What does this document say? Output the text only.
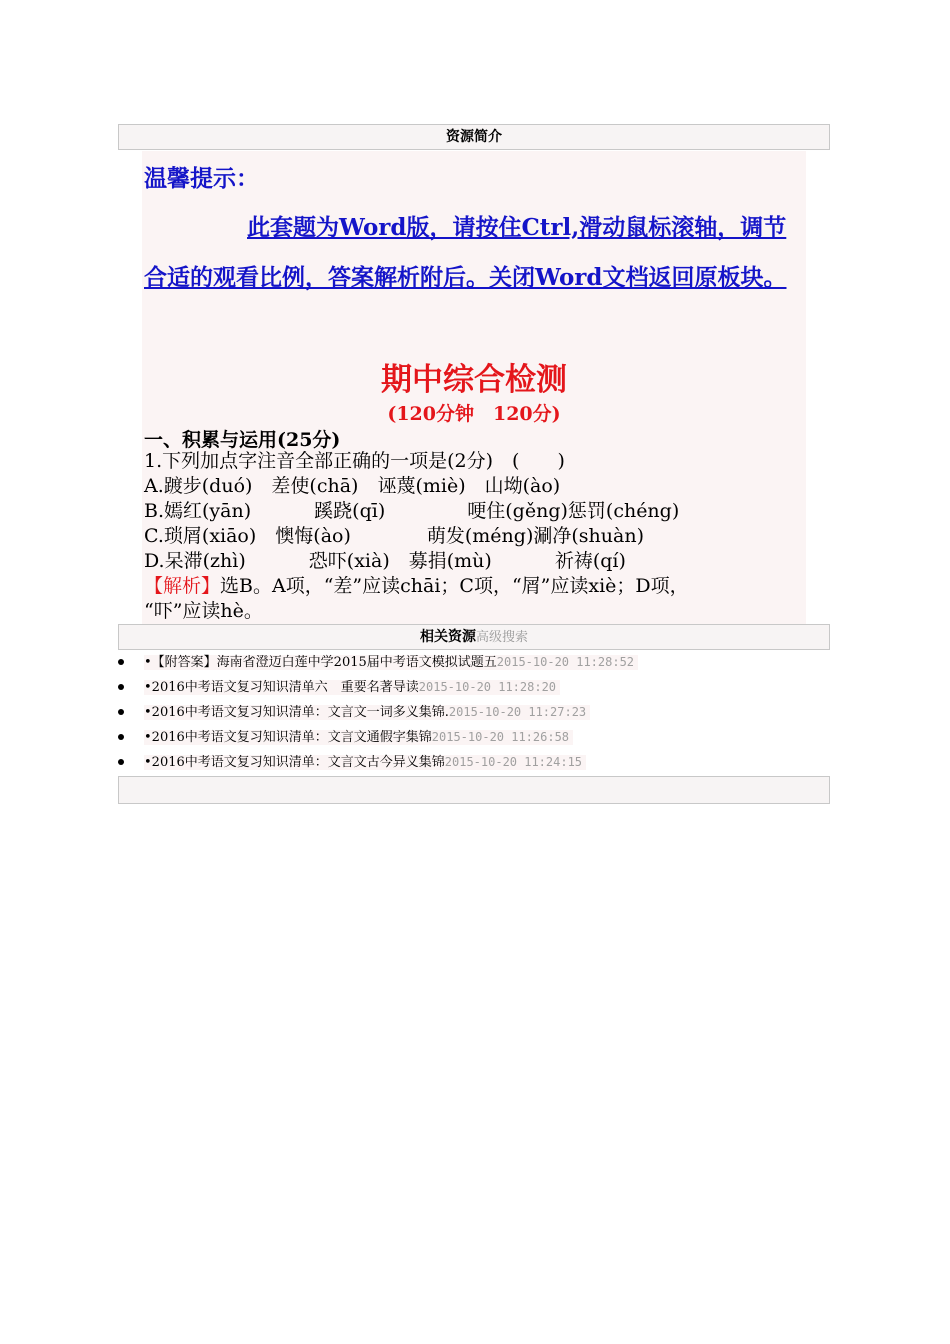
资源简介
温馨提示：
此套题为Word版，请按住Ctrl,滑动鼠标滚轴，调节合适的观看比例，答案解析附后。关闭Word文档返回原板块。
期中综合检测
(120分钟　120分)
一、积累与运用(25分)
1.下列加点字注音全部正确的一项是(2分)　(　　)
A.踱步(duó)　差使(chā)　诬蔑(miè)　山坳(ào)
B.嫣红(yān)　　　 蹊跷(qī)　　　　 哽住(gěng)惩罚(chéng)
C.琐屑(xiāo)　懊悔(ào)　　　　萌发(méng)涮净(shuàn)
D.呆滞(zhì)　　　 恐吓(xià)　募捐(mù)　　　 祈祷(qí)
【解析】选B。A项，“差”应读chāi；C项，“屑”应读xiè；D项，
“吓”应读hè。
相关资源高级搜索
•【附答案】海南省澄迈白莲中学2015届中考语文模拟试题五2015-10-20 11:28:52
•2016中考语文复习知识清单六　重要名著导读2015-10-20 11:28:20
•2016中考语文复习知识清单：文言文一词多义集锦.2015-10-20 11:27:23
•2016中考语文复习知识清单：文言文通假字集锦2015-10-20 11:26:58
•2016中考语文复习知识清单：文言文古今异义集锦2015-10-20 11:24:15
